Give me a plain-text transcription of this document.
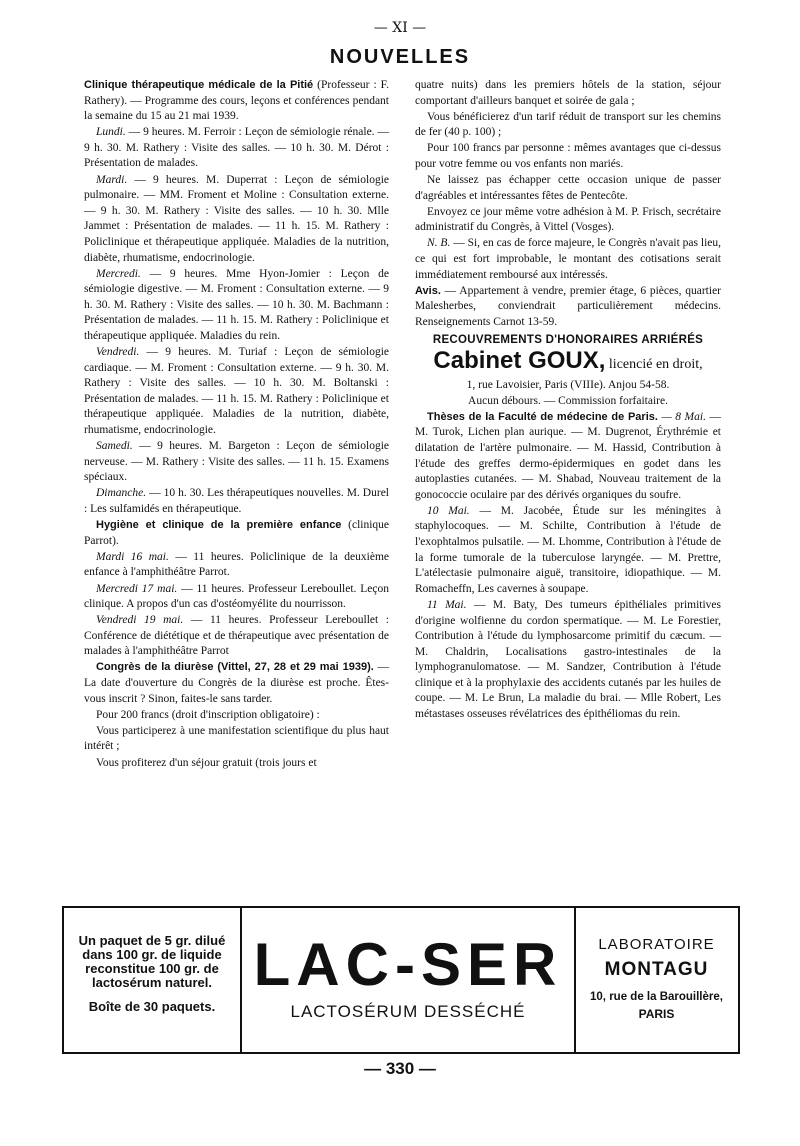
— XI —
NOUVELLES

Clinique thérapeutique médicale de la Pitié (Professeur : F. Rathery). — Programme des cours, leçons et conférences pendant la semaine du 15 au 21 mai 1939.

Lundi. — 9 heures. M. Ferroir : Leçon de sémiologie rénale. — 9 h. 30. M. Rathery : Visite des salles. — 10 h. 30. M. Dérot : Présentation de malades.

Mardi. — 9 heures. M. Duperrat : Leçon de sémiologie pulmonaire. — MM. Froment et Moline : Consultation externe. — 9 h. 30. M. Rathery : Visite des salles. — 10 h. 30. Mlle Jammet : Présentation de malades. — 11 h. 15. M. Rathery : Policlinique et thérapeutique appliquée. Maladies de la nutrition, diabète, rhumatisme, endocrinologie.

Mercredi. — 9 heures. Mme Hyon-Jomier : Leçon de sémiologie digestive. — M. Froment : Consultation externe. — 9 h. 30. M. Rathery : Visite des salles. — 10 h. 30. M. Bachmann : Présentation de malades. — 11 h. 15. M. Rathery : Policlinique et thérapeutique appliquée. Maladies du rein.

Vendredi. — 9 heures. M. Turiaf : Leçon de sémiologie cardiaque. — M. Froment : Consultation externe. — 9 h. 30. M. Rathery : Visite des salles. — 10 h. 30. M. Boltanski : Présentation de malades. — 11 h. 15. M. Rathery : Policlinique et thérapeutique appliquée. Maladies de la nutrition, diabète, rhumatisme, endocrinologie.

Samedi. — 9 heures. M. Bargeton : Leçon de sémiologie nerveuse. — M. Rathery : Visite des salles. — 11 h. 15. Examens spéciaux.

Dimanche. — 10 h. 30. Les thérapeutiques nouvelles. M. Durel : Les sulfamidés en thérapeutique.

Hygiène et clinique de la première enfance (clinique Parrot).

Mardi 16 mai. — 11 heures. Policlinique de la deuxième enfance à l'amphithéâtre Parrot.

Mercredi 17 mai. — 11 heures. Professeur Lereboullet. Leçon clinique. A propos d'un cas d'ostéomyélite du nourrisson.

Vendredi 19 mai. — 11 heures. Professeur Lereboullet : Conférence de diététique et de thérapeutique avec présentation de malades à l'amphithéâtre Parrot

Congrès de la diurèse (Vittel, 27, 28 et 29 mai 1939). — La date d'ouverture du Congrès de la diurèse est proche. Êtes-vous inscrit ? Sinon, faites-le sans tarder.

Pour 200 francs (droit d'inscription obligatoire) :

Vous participerez à une manifestation scientifique du plus haut intérêt ;

Vous profiterez d'un séjour gratuit (trois jours et

quatre nuits) dans les premiers hôtels de la station, séjour comportant d'ailleurs banquet et soirée de gala ;

Vous bénéficierez d'un tarif réduit de transport sur les chemins de fer (40 p. 100) ;

Pour 100 francs par personne : mêmes avantages que ci-dessus pour votre femme ou vos enfants non mariés.

Ne laissez pas échapper cette occasion unique de passer d'agréables et intéressantes fêtes de Pentecôte.

Envoyez ce jour même votre adhésion à M. P. Frisch, secrétaire administratif du Congrès, à Vittel (Vosges).

N. B. — Si, en cas de force majeure, le Congrès n'avait pas lieu, ce qui est fort improbable, le montant des cotisations serait immédiatement remboursé aux intéressés.

Avis. — Appartement à vendre, premier étage, 6 pièces, quartier Malesherbes, conviendrait particulièrement médecins. Renseignements Carnot 13-59.

RECOUVREMENTS D'HONORAIRES ARRIÉRÉS

Cabinet GOUX, licencié en droit,

1, rue Lavoisier, Paris (VIIIe). Anjou 54-58.

Aucun débours. — Commission forfaitaire.

Thèses de la Faculté de médecine de Paris. — 8 Mai. — M. Turok, Lichen plan aurique. — M. Dugrenot, Érythrémie et dilatation de l'artère pulmonaire. — M. Hassid, Contribution à l'étude des greffes dermo-épidermiques en godet dans les autoplasties cutanées. — M. Shabad, Nouveau traitement de la gonococcie oculaire par des dérivés organiques du soufre.

10 Mai. — M. Jacobée, Étude sur les méningites à staphylocoques. — M. Schilte, Contribution à l'étude de l'exophtalmos pulsatile. — M. Lhomme, Contribution à l'étude de la forme tumorale de la tuberculose laryngée. — M. Prettre, L'atélectasie pulmonaire aiguë, transitoire, idiopathique. — M. Romacheffn, Les cavernes à soupape.

11 Mai. — M. Baty, Des tumeurs épithéliales primitives d'origine wolfienne du cordon spermatique. — M. Le Forestier, Contribution à l'étude du lymphosarcome primitif du cæcum. — M. Chaldrin, Localisations gastro-intestinales de la lymphogranulomatose. — M. Sandzer, Contribution à l'étude clinique et à la prophylaxie des accidents cutanés par les huiles de coupe. — M. Le Brun, La maladie du brai. — Mlle Robert, Les métastases osseuses révélatrices des épithéliomas du rein.

Un paquet de 5 gr. dilué dans 100 gr. de liquide reconstitue 100 gr. de lactosérum naturel.
Boîte de 30 paquets.
LAC-SER
LACTOSÉRUM DESSÉCHÉ
LABORATOIRE
MONTAGU
10, rue de la Barouillère,
PARIS
— 330 —
